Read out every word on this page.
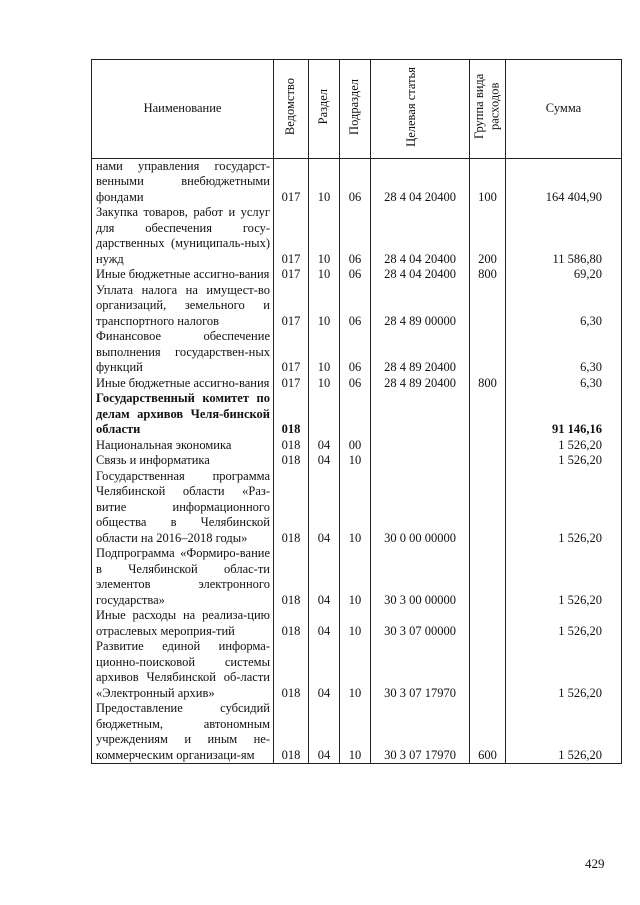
Наименование	Ведомство	Раздел	Подраздел	Целевая статья	Группа вида расходов	Сумма
нами управления государст-венными внебюджетными фондами	017	10	06	28 4 04 20400	100	164 404,90
Закупка товаров, работ и услуг для обеспечения госу-дарственных (муниципаль-ных) нужд	017	10	06	28 4 04 20400	200	11 586,80
Иные бюджетные ассигно-вания	017	10	06	28 4 04 20400	800	69,20
Уплата налога на имущест-во организаций, земельного и транспортного налогов	017	10	06	28 4 89 00000		6,30
Финансовое обеспечение выполнения государствен-ных функций	017	10	06	28 4 89 20400		6,30
Иные бюджетные ассигно-вания	017	10	06	28 4 89 20400	800	6,30
Государственный комитет по делам архивов Челя-бинской области	018					91 146,16
Национальная экономика	018	04	00			1 526,20
Связь и информатика	018	04	10			1 526,20
Государственная программа Челябинской области «Раз-витие информационного общества в Челябинской области на 2016–2018 годы»	018	04	10	30 0 00 00000		1 526,20
Подпрограмма «Формиро-вание в Челябинской облас-ти элементов электронного государства»	018	04	10	30 3 00 00000		1 526,20
Иные расходы на реализа-цию отраслевых мероприя-тий	018	04	10	30 3 07 00000		1 526,20
Развитие единой информа-ционно-поисковой системы архивов Челябинской об-ласти «Электронный архив»	018	04	10	30 3 07 17970		1 526,20
Предоставление субсидий бюджетным, автономным учреждениям и иным не-коммерческим организаци-ям	018	04	10	30 3 07 17970	600	1 526,20
429
